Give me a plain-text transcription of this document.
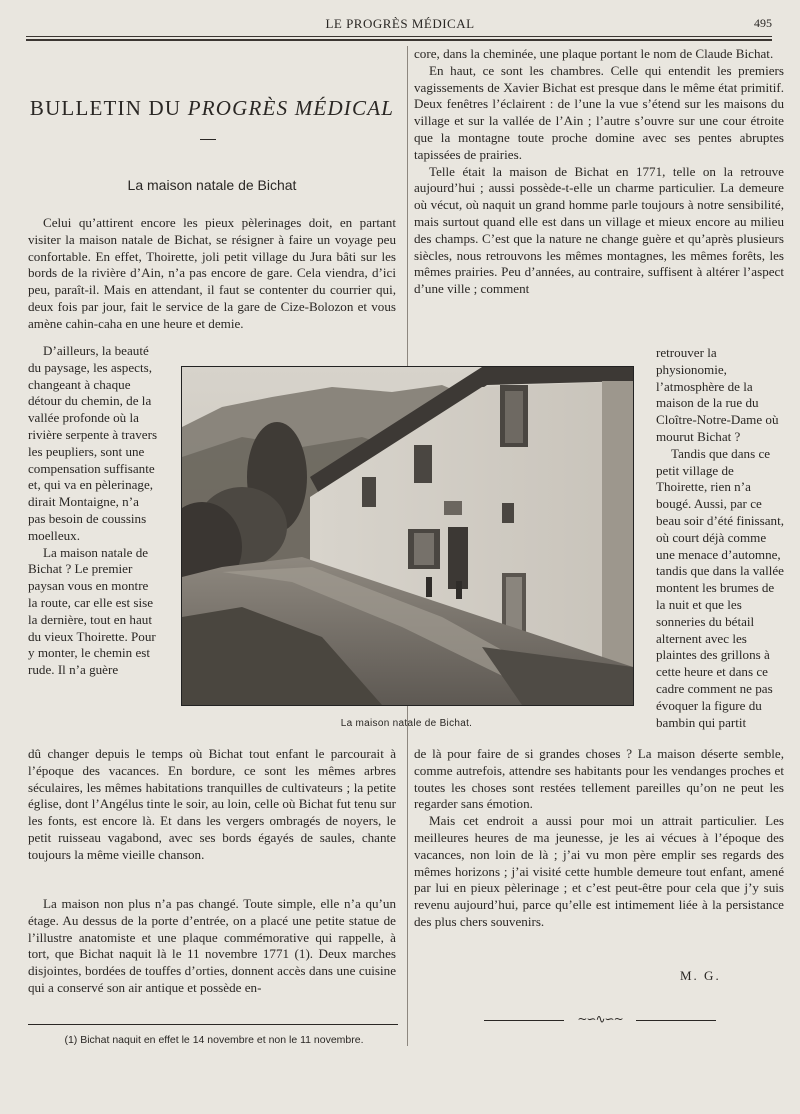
LE PROGRÈS MÉDICAL	495
BULLETIN DU PROGRÈS MÉDICAL
La maison natale de Bichat

Celui qu’attirent encore les pieux pèlerinages doit, en partant visiter la maison natale de Bichat, se résigner à faire un voyage peu confortable. En effet, Thoirette, joli petit village du Jura bâti sur les bords de la rivière d’Ain, n’a pas encore de gare. Cela viendra, d’ici peu, paraît-il. Mais en attendant, il faut se contenter du courrier qui, deux fois par jour, fait le service de la gare de Cize-Bolozon et vous amène cahin-caha en une heure et demie.

D’ailleurs, la beauté du paysage, les aspects, changeant à chaque détour du chemin, de la vallée profonde où la rivière serpente à travers les peupliers, sont une compensation suffisante et, qui va en pèlerinage, dirait Montaigne, n’a pas besoin de coussins moelleux.

La maison natale de Bichat ? Le premier paysan vous en montre la route, car elle est sise la dernière, tout en haut du vieux Thoirette. Pour y monter, le chemin est rude. Il n’a guère

dû changer depuis le temps où Bichat tout enfant le parcourait à l’époque des vacances. En bordure, ce sont les mêmes arbres séculaires, les mêmes habitations tranquilles de cultivateurs ; la petite église, dont l’Angélus tinte le soir, au loin, celle où Bichat fut tenu sur les fonts, est encore là. Et dans les vergers ombragés de noyers, le petit ruisseau vagabond, avec ses bords égayés de saules, chante toujours la même vieille chanson.

La maison non plus n’a pas changé. Toute simple, elle n’a qu’un étage. Au dessus de la porte d’entrée, on a placé une petite statue de l’illustre anatomiste et une plaque commémorative qui rappelle, à tort, que Bichat naquit là le 11 novembre 1771 (1). Deux marches disjointes, bordées de touffes d’orties, donnent accès dans une cuisine qui a conservé son air antique et possède en-

core, dans la cheminée, une plaque portant le nom de Claude Bichat.

En haut, ce sont les chambres. Celle qui entendit les premiers vagissements de Xavier Bichat est presque dans le même état primitif. Deux fenêtres l’éclairent : de l’une la vue s’étend sur les maisons du village et sur la vallée de l’Ain ; l’autre s’ouvre sur une cour étroite que la montagne toute proche domine avec ses pentes abruptes tapissées de prairies.

Telle était la maison de Bichat en 1771, telle on la retrouve aujourd’hui ; aussi possède-t-elle un charme particulier. La demeure où vécut, où naquit un grand homme parle toujours à notre sensibilité, mais surtout quand elle est dans un village et mieux encore au milieu des champs. C’est que la nature ne change guère et qu’après plusieurs siècles, nous retrouvons les mêmes montagnes, les mêmes forêts, les mêmes prairies. Peu d’années, au contraire, suffisent à altérer l’aspect d’une ville ; comment

retrouver la physionomie, l’atmosphère de la maison de la rue du Cloître-Notre-Dame où mourut Bichat ?

Tandis que dans ce petit village de Thoirette, rien n’a bougé. Aussi, par ce beau soir d’été finissant, où court déjà comme une menace d’automne, tandis que dans la vallée montent les brumes de la nuit et que les sonneries du bétail alternent avec les plaintes des grillons à cette heure et dans ce cadre comment ne pas évoquer la figure du bambin qui partit

de là pour faire de si grandes choses ? La maison déserte semble, comme autrefois, attendre ses habitants pour les vendanges proches et toutes les choses sont restées tellement pareilles qu’on ne peut les regarder sans émotion.

Mais cet endroit a aussi pour moi un attrait particulier. Les meilleures heures de ma jeunesse, je les ai vécues à l’époque des vacances, non loin de là ; j’ai vu mon père emplir ses regards des mêmes horizons ; j’ai visité cette humble demeure tout enfant, amené par lui en pieux pèlerinage ; et c’est peut-être pour cela que j’y suis revenu aujourd’hui, parce qu’elle est intimement liée à la persistance des plus chers souvenirs.

M. G.
~∽∿∽~
(1) Bichat naquit en effet le 14 novembre et non le 11 novembre.
La maison natale de Bichat.
